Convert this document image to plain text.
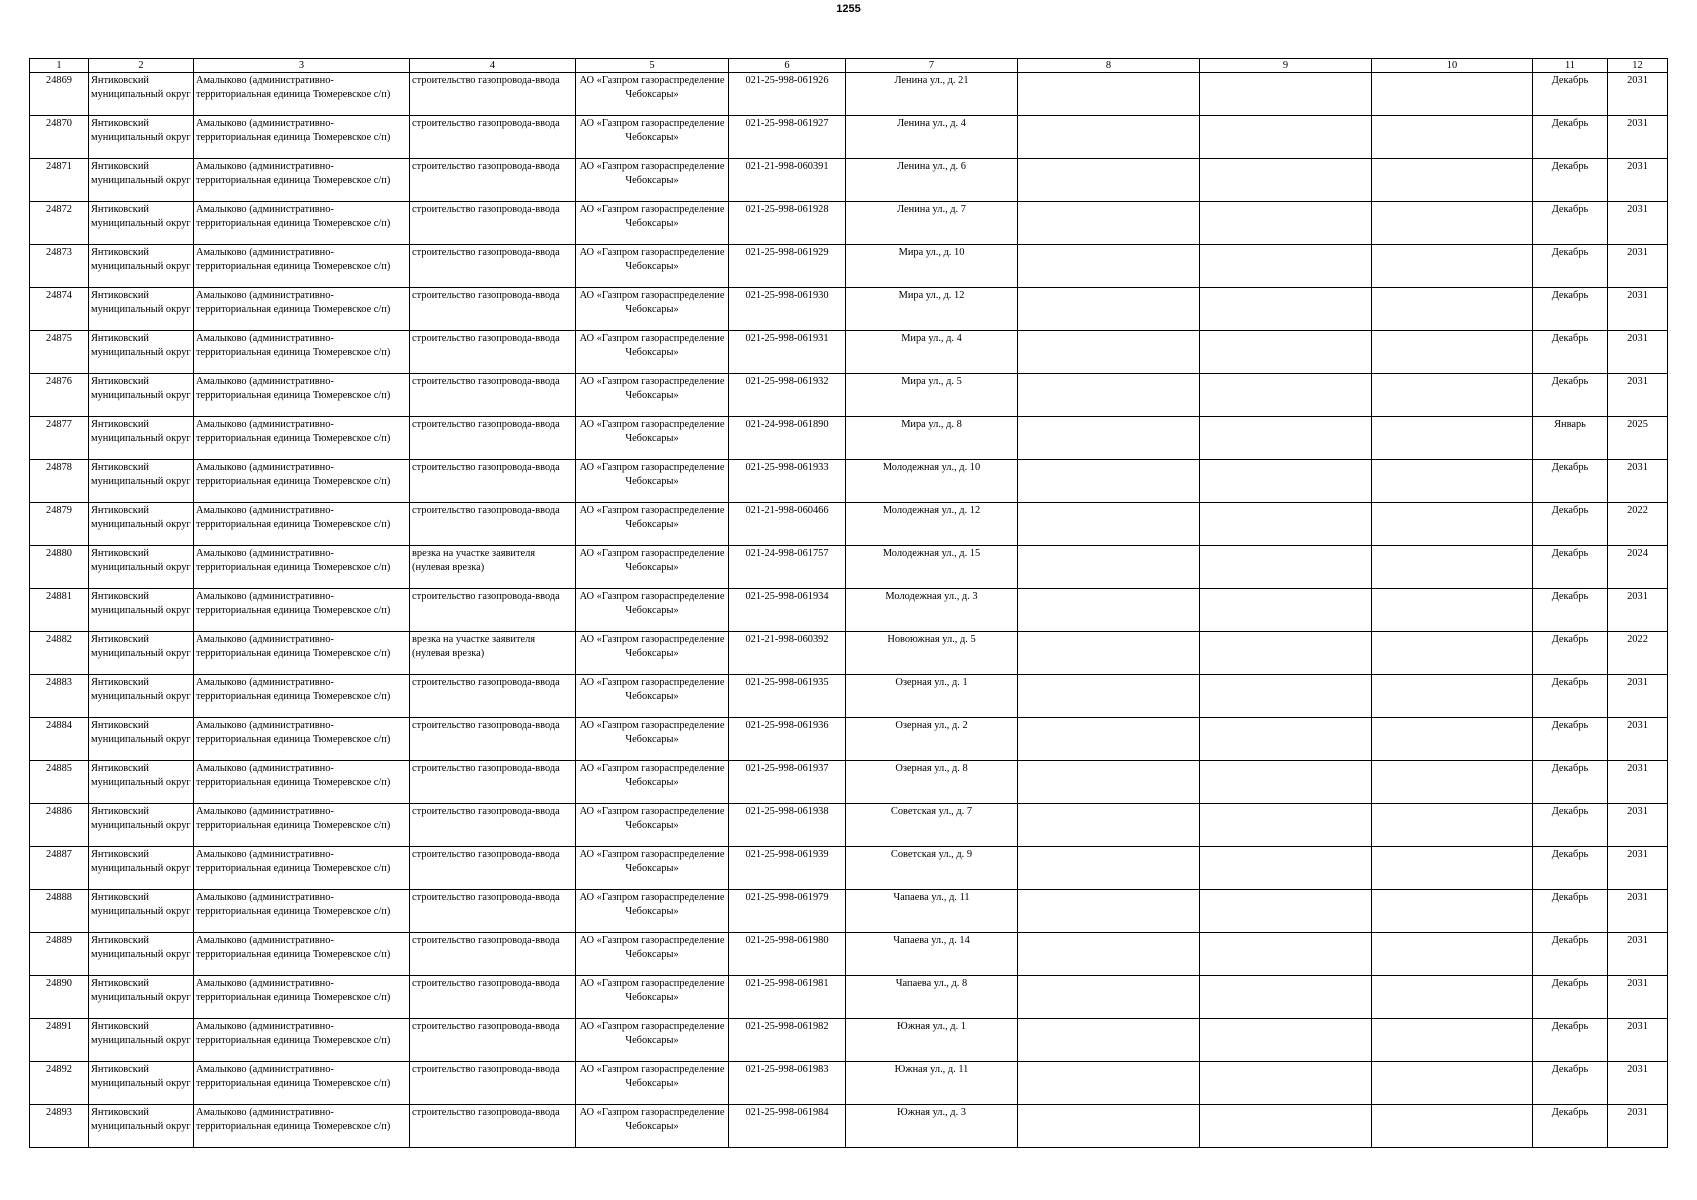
1255
1	2	3	4	5	6	7	8	9	10	11	12
24869	Янтиковский муниципальный округ	Амалыково (административно-территориальная единица Тюмеревское с/п)	строительство газопровода-ввода	АО «Газпром газораспределение Чебоксары»	021-25-998-061926	Ленина ул., д. 21				Декабрь	2031
24870	Янтиковский муниципальный округ	Амалыково (административно-территориальная единица Тюмеревское с/п)	строительство газопровода-ввода	АО «Газпром газораспределение Чебоксары»	021-25-998-061927	Ленина ул., д. 4				Декабрь	2031
24871	Янтиковский муниципальный округ	Амалыково (административно-территориальная единица Тюмеревское с/п)	строительство газопровода-ввода	АО «Газпром газораспределение Чебоксары»	021-21-998-060391	Ленина ул., д. 6				Декабрь	2031
24872	Янтиковский муниципальный округ	Амалыково (административно-территориальная единица Тюмеревское с/п)	строительство газопровода-ввода	АО «Газпром газораспределение Чебоксары»	021-25-998-061928	Ленина ул., д. 7				Декабрь	2031
24873	Янтиковский муниципальный округ	Амалыково (административно-территориальная единица Тюмеревское с/п)	строительство газопровода-ввода	АО «Газпром газораспределение Чебоксары»	021-25-998-061929	Мира ул., д. 10				Декабрь	2031
24874	Янтиковский муниципальный округ	Амалыково (административно-территориальная единица Тюмеревское с/п)	строительство газопровода-ввода	АО «Газпром газораспределение Чебоксары»	021-25-998-061930	Мира ул., д. 12				Декабрь	2031
24875	Янтиковский муниципальный округ	Амалыково (административно-территориальная единица Тюмеревское с/п)	строительство газопровода-ввода	АО «Газпром газораспределение Чебоксары»	021-25-998-061931	Мира ул., д. 4				Декабрь	2031
24876	Янтиковский муниципальный округ	Амалыково (административно-территориальная единица Тюмеревское с/п)	строительство газопровода-ввода	АО «Газпром газораспределение Чебоксары»	021-25-998-061932	Мира ул., д. 5				Декабрь	2031
24877	Янтиковский муниципальный округ	Амалыково (административно-территориальная единица Тюмеревское с/п)	строительство газопровода-ввода	АО «Газпром газораспределение Чебоксары»	021-24-998-061890	Мира ул., д. 8				Январь	2025
24878	Янтиковский муниципальный округ	Амалыково (административно-территориальная единица Тюмеревское с/п)	строительство газопровода-ввода	АО «Газпром газораспределение Чебоксары»	021-25-998-061933	Молодежная ул., д. 10				Декабрь	2031
24879	Янтиковский муниципальный округ	Амалыково (административно-территориальная единица Тюмеревское с/п)	строительство газопровода-ввода	АО «Газпром газораспределение Чебоксары»	021-21-998-060466	Молодежная ул., д. 12				Декабрь	2022
24880	Янтиковский муниципальный округ	Амалыково (административно-территориальная единица Тюмеревское с/п)	врезка на участке заявителя (нулевая врезка)	АО «Газпром газораспределение Чебоксары»	021-24-998-061757	Молодежная ул., д. 15				Декабрь	2024
24881	Янтиковский муниципальный округ	Амалыково (административно-территориальная единица Тюмеревское с/п)	строительство газопровода-ввода	АО «Газпром газораспределение Чебоксары»	021-25-998-061934	Молодежная ул., д. 3				Декабрь	2031
24882	Янтиковский муниципальный округ	Амалыково (административно-территориальная единица Тюмеревское с/п)	врезка на участке заявителя (нулевая врезка)	АО «Газпром газораспределение Чебоксары»	021-21-998-060392	Новоюжная ул., д. 5				Декабрь	2022
24883	Янтиковский муниципальный округ	Амалыково (административно-территориальная единица Тюмеревское с/п)	строительство газопровода-ввода	АО «Газпром газораспределение Чебоксары»	021-25-998-061935	Озерная ул., д. 1				Декабрь	2031
24884	Янтиковский муниципальный округ	Амалыково (административно-территориальная единица Тюмеревское с/п)	строительство газопровода-ввода	АО «Газпром газораспределение Чебоксары»	021-25-998-061936	Озерная ул., д. 2				Декабрь	2031
24885	Янтиковский муниципальный округ	Амалыково (административно-территориальная единица Тюмеревское с/п)	строительство газопровода-ввода	АО «Газпром газораспределение Чебоксары»	021-25-998-061937	Озерная ул., д. 8				Декабрь	2031
24886	Янтиковский муниципальный округ	Амалыково (административно-территориальная единица Тюмеревское с/п)	строительство газопровода-ввода	АО «Газпром газораспределение Чебоксары»	021-25-998-061938	Советская ул., д. 7				Декабрь	2031
24887	Янтиковский муниципальный округ	Амалыково (административно-территориальная единица Тюмеревское с/п)	строительство газопровода-ввода	АО «Газпром газораспределение Чебоксары»	021-25-998-061939	Советская ул., д. 9				Декабрь	2031
24888	Янтиковский муниципальный округ	Амалыково (административно-территориальная единица Тюмеревское с/п)	строительство газопровода-ввода	АО «Газпром газораспределение Чебоксары»	021-25-998-061979	Чапаева ул., д. 11				Декабрь	2031
24889	Янтиковский муниципальный округ	Амалыково (административно-территориальная единица Тюмеревское с/п)	строительство газопровода-ввода	АО «Газпром газораспределение Чебоксары»	021-25-998-061980	Чапаева ул., д. 14				Декабрь	2031
24890	Янтиковский муниципальный округ	Амалыково (административно-территориальная единица Тюмеревское с/п)	строительство газопровода-ввода	АО «Газпром газораспределение Чебоксары»	021-25-998-061981	Чапаева ул., д. 8				Декабрь	2031
24891	Янтиковский муниципальный округ	Амалыково (административно-территориальная единица Тюмеревское с/п)	строительство газопровода-ввода	АО «Газпром газораспределение Чебоксары»	021-25-998-061982	Южная ул., д. 1				Декабрь	2031
24892	Янтиковский муниципальный округ	Амалыково (административно-территориальная единица Тюмеревское с/п)	строительство газопровода-ввода	АО «Газпром газораспределение Чебоксары»	021-25-998-061983	Южная ул., д. 11				Декабрь	2031
24893	Янтиковский муниципальный округ	Амалыково (административно-территориальная единица Тюмеревское с/п)	строительство газопровода-ввода	АО «Газпром газораспределение Чебоксары»	021-25-998-061984	Южная ул., д. 3				Декабрь	2031
